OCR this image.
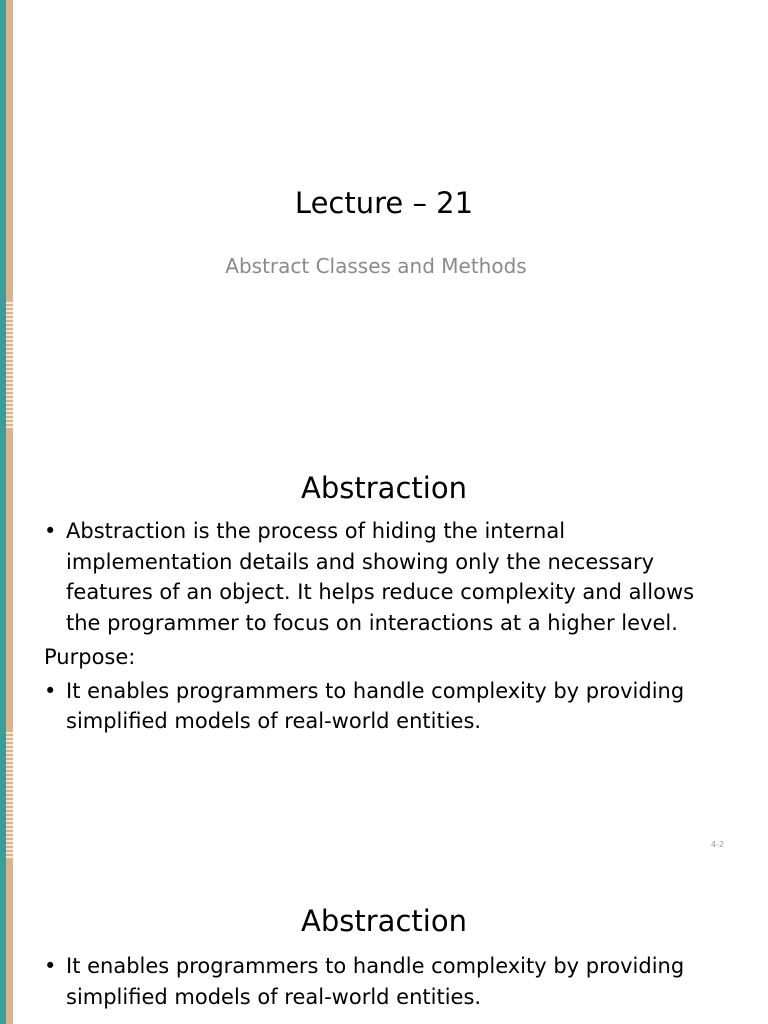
Lecture – 21

Abstract Classes and Methods

Abstraction

• Abstraction is the process of hiding the internal implementation details and showing only the necessary features of an object. It helps reduce complexity and allows the programmer to focus on interactions at a higher level.

Purpose:

• It enables programmers to handle complexity by providing simplified models of real-world entities.

4-2
Abstraction

• It enables programmers to handle complexity by providing simplified models of real-world entities.
